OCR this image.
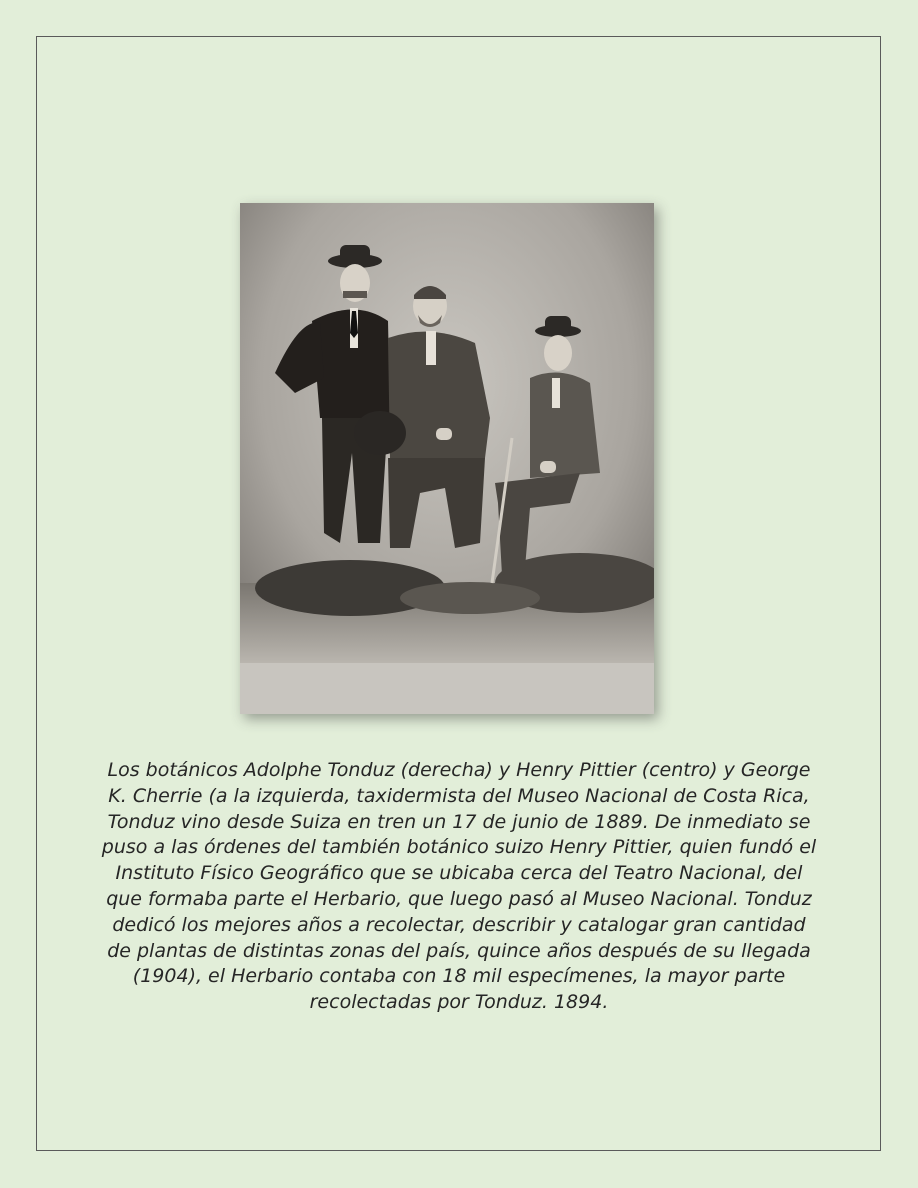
Los botánicos Adolphe Tonduz (derecha) y Henry Pittier (centro) y George K. Cherrie (a la izquierda, taxidermista del Museo Nacional de Costa Rica, Tonduz vino desde Suiza en tren un 17 de junio de 1889. De inmediato se puso a las órdenes del también botánico suizo Henry Pittier, quien fundó el Instituto Físico Geográfico que se ubicaba cerca del Teatro Nacional, del que formaba parte el Herbario, que luego pasó al Museo Nacional. Tonduz dedicó los mejores años a recolectar, describir y catalogar gran cantidad de plantas de distintas zonas del país, quince años después de su llegada (1904), el Herbario contaba con 18 mil especímenes, la mayor parte recolectadas por Tonduz. 1894.
